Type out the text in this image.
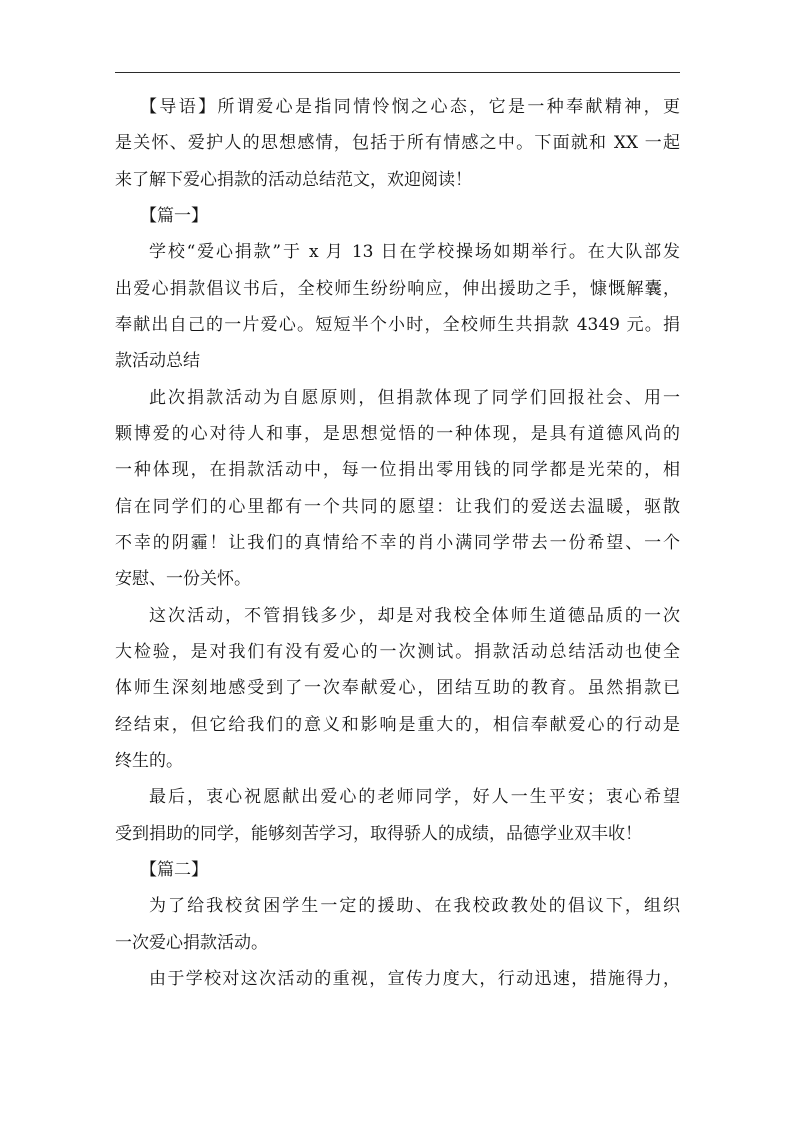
【导语】所谓爱心是指同情怜悯之心态，它是一种奉献精神，更
是关怀、爱护人的思想感情，包括于所有情感之中。下面就和 XX 一起
来了解下爱心捐款的活动总结范文，欢迎阅读！
【篇一】
学校“爱心捐款”于 x 月 13 日在学校操场如期举行。在大队部发
出爱心捐款倡议书后，全校师生纷纷响应，伸出援助之手，慷慨解囊，
奉献出自己的一片爱心。短短半个小时，全校师生共捐款 4349 元。捐
款活动总结
此次捐款活动为自愿原则，但捐款体现了同学们回报社会、用一
颗博爱的心对待人和事，是思想觉悟的一种体现，是具有道德风尚的
一种体现，在捐款活动中，每一位捐出零用钱的同学都是光荣的，相
信在同学们的心里都有一个共同的愿望：让我们的爱送去温暖，驱散
不幸的阴霾！让我们的真情给不幸的肖小满同学带去一份希望、一个
安慰、一份关怀。
这次活动，不管捐钱多少，却是对我校全体师生道德品质的一次
大检验，是对我们有没有爱心的一次测试。捐款活动总结活动也使全
体师生深刻地感受到了一次奉献爱心，团结互助的教育。虽然捐款已
经结束，但它给我们的意义和影响是重大的，相信奉献爱心的行动是
终生的。
最后，衷心祝愿献出爱心的老师同学，好人一生平安；衷心希望
受到捐助的同学，能够刻苦学习，取得骄人的成绩，品德学业双丰收！
【篇二】
为了给我校贫困学生一定的援助、在我校政教处的倡议下，组织
一次爱心捐款活动。
由于学校对这次活动的重视，宣传力度大，行动迅速，措施得力，
